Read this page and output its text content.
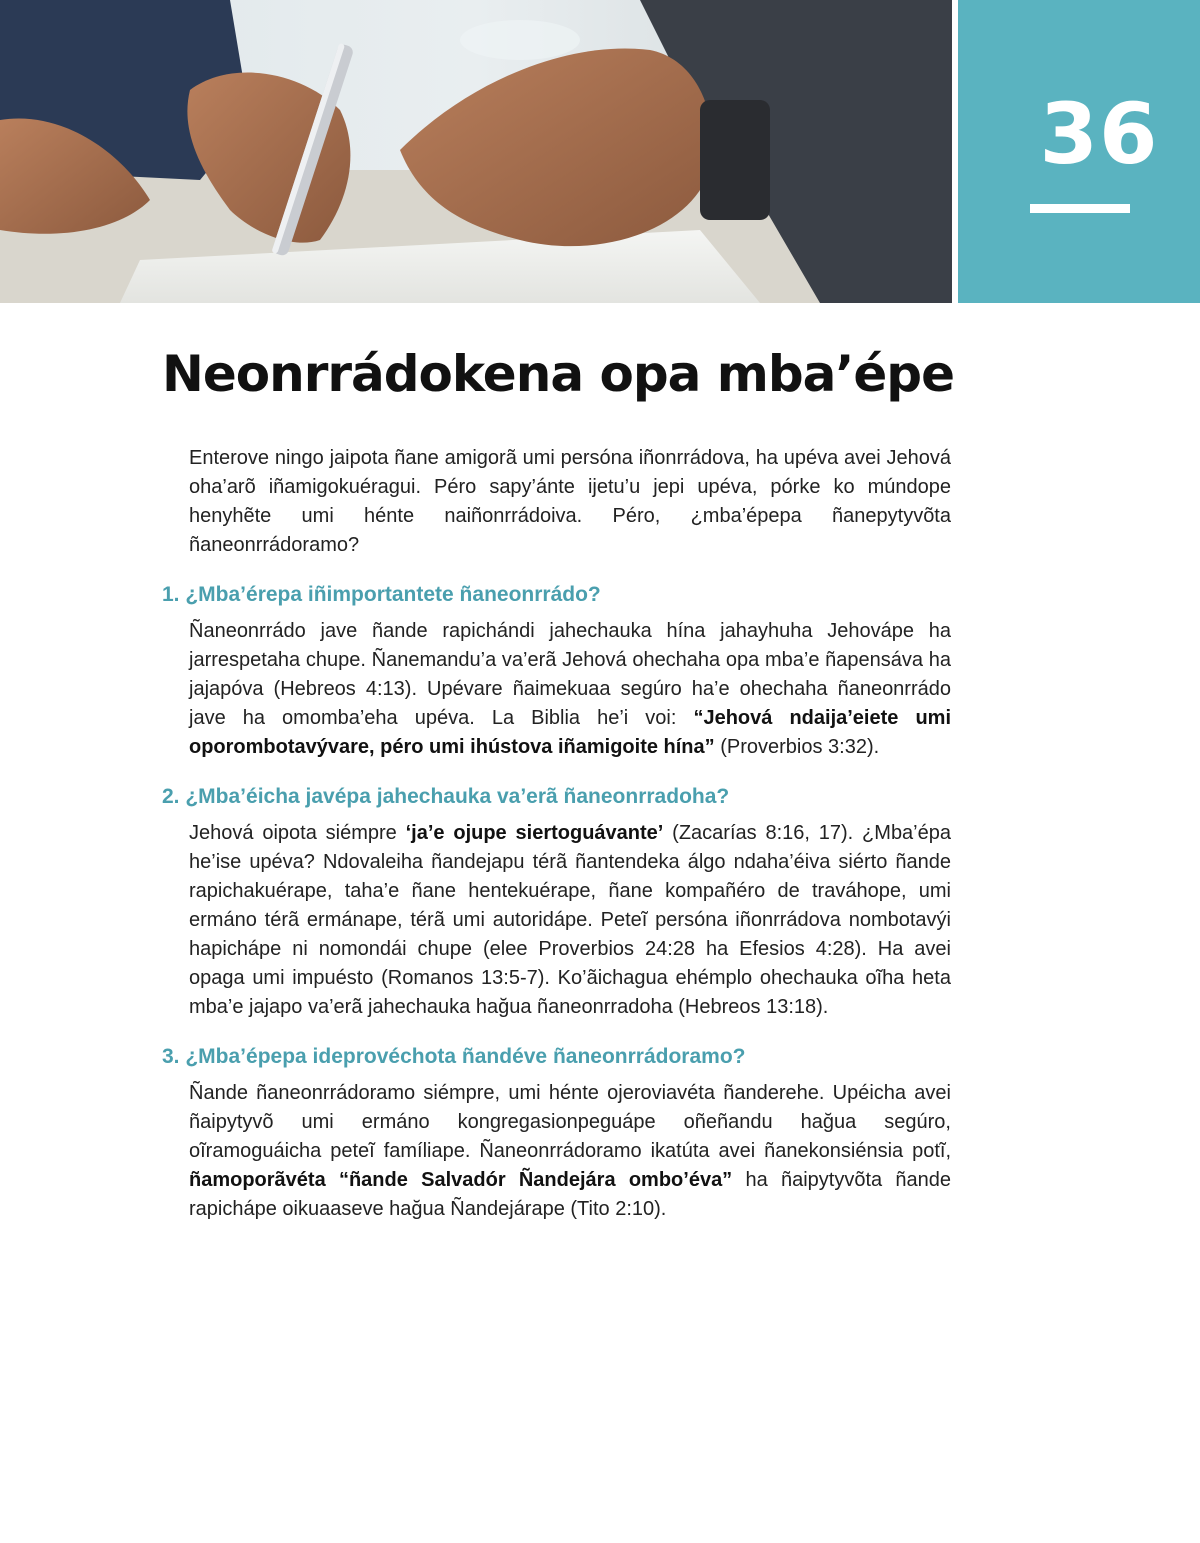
36
Neonrrádokena opa mba’épe

Enterove ningo jaipota ñane amigorã umi persóna iñonrrádova, ha upéva avei Jehová oha’arõ iñamigokuéragui. Péro sapy’ánte ijetu’u jepi upéva, pórke ko múndope henyhẽte umi hénte naiñonrrádoiva. Péro, ¿mba’épepa ñanepytyvõta ñaneonrrádoramo?

1. ¿Mba’érepa iñimportantete ñaneonrrádo?

Ñaneonrrádo jave ñande rapichándi jahechauka hína jahayhuha Jehovápe ha jarrespetaha chupe. Ñanemandu’a va’erã Jehová ohechaha opa mba’e ñapensáva ha jajapóva (Hebreos 4:13). Upévare ñaimekuaa segúro ha’e ohechaha ñaneonrrádo jave ha omomba’eha upéva. La Biblia he’i voi: “Jehová ndaija’eiete umi oporombotavývare, péro umi ihústova iñamigoite hína” (Proverbios 3:32).

2. ¿Mba’éicha javépa jahechauka va’erã ñaneonrradoha?

Jehová oipota siémpre ‘ja’e ojupe siertoguávante’ (Zacarías 8:16, 17). ¿Mba’épa he’ise upéva? Ndovaleiha ñandejapu térã ñantendeka álgo ndaha’éiva siérto ñande rapichakuérape, taha’e ñane hentekuérape, ñane kompañéro de traváhope, umi ermáno térã ermánape, térã umi autoridápe. Peteĩ persóna iñonrrádova nombotavýi hapichápe ni nomondái chupe (elee Proverbios 24:28 ha Efesios 4:28). Ha avei opaga umi impuésto (Romanos 13:5-7). Ko’ãichagua ehémplo ohechauka oĩha heta mba’e jajapo va’erã jahechauka hağua ñaneonrradoha (Hebreos 13:18).

3. ¿Mba’épepa ideprovéchota ñandéve ñaneonrrádoramo?

Ñande ñaneonrrádoramo siémpre, umi hénte ojeroviavéta ñanderehe. Upéicha avei ñaipytyvõ umi ermáno kongregasionpeguápe oñeñandu hağua segúro, oĩramoguáicha peteĩ famíliape. Ñaneonrrádoramo ikatúta avei ñanekonsiénsia potĩ, ñamoporãvéta “ñande Salvadór Ñandejára ombo’éva” ha ñaipytyvõta ñande rapichápe oikuaaseve hağua Ñandejárape (Tito 2:10).
